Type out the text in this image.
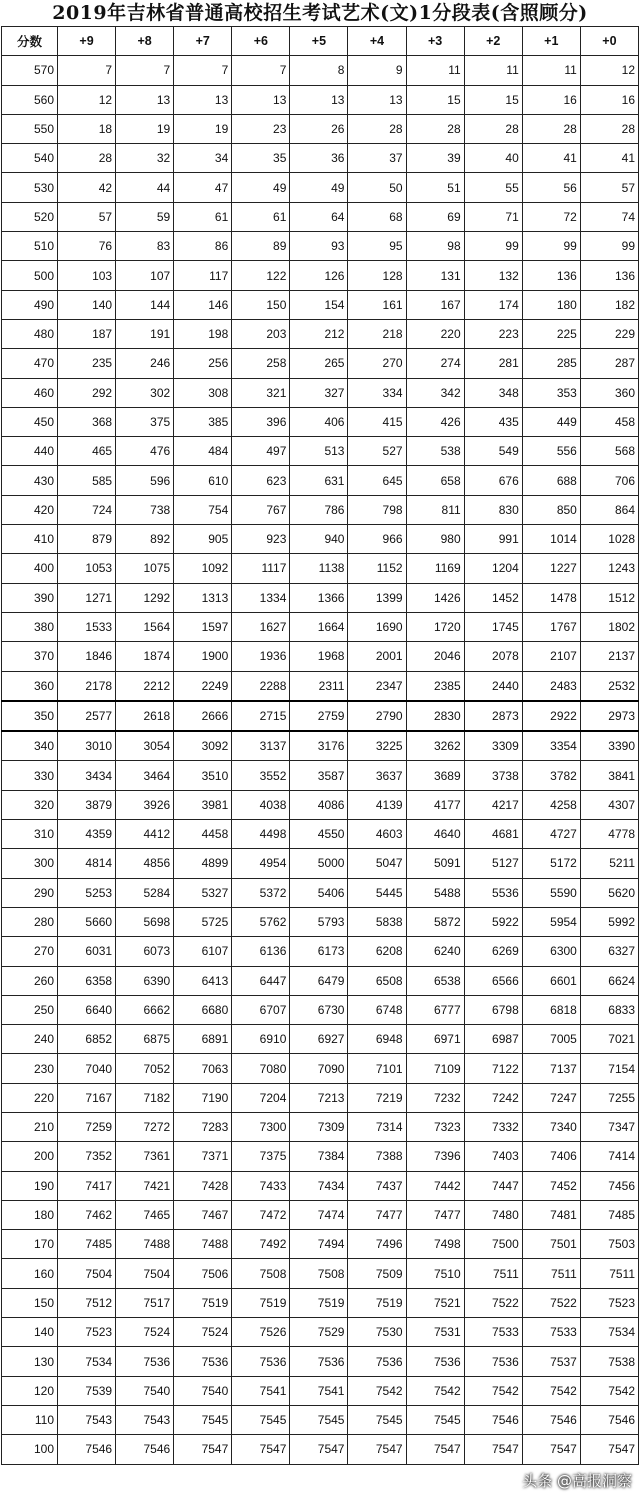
2019年吉林省普通高校招生考试艺术(文)1分段表(含照顾分)
分数	+9	+8	+7	+6	+5	+4	+3	+2	+1	+0
570	7	7	7	7	8	9	11	11	11	12
560	12	13	13	13	13	13	15	15	16	16
550	18	19	19	23	26	28	28	28	28	28
540	28	32	34	35	36	37	39	40	41	41
530	42	44	47	49	49	50	51	55	56	57
520	57	59	61	61	64	68	69	71	72	74
510	76	83	86	89	93	95	98	99	99	99
500	103	107	117	122	126	128	131	132	136	136
490	140	144	146	150	154	161	167	174	180	182
480	187	191	198	203	212	218	220	223	225	229
470	235	246	256	258	265	270	274	281	285	287
460	292	302	308	321	327	334	342	348	353	360
450	368	375	385	396	406	415	426	435	449	458
440	465	476	484	497	513	527	538	549	556	568
430	585	596	610	623	631	645	658	676	688	706
420	724	738	754	767	786	798	811	830	850	864
410	879	892	905	923	940	966	980	991	1014	1028
400	1053	1075	1092	1117	1138	1152	1169	1204	1227	1243
390	1271	1292	1313	1334	1366	1399	1426	1452	1478	1512
380	1533	1564	1597	1627	1664	1690	1720	1745	1767	1802
370	1846	1874	1900	1936	1968	2001	2046	2078	2107	2137
360	2178	2212	2249	2288	2311	2347	2385	2440	2483	2532
350	2577	2618	2666	2715	2759	2790	2830	2873	2922	2973
340	3010	3054	3092	3137	3176	3225	3262	3309	3354	3390
330	3434	3464	3510	3552	3587	3637	3689	3738	3782	3841
320	3879	3926	3981	4038	4086	4139	4177	4217	4258	4307
310	4359	4412	4458	4498	4550	4603	4640	4681	4727	4778
300	4814	4856	4899	4954	5000	5047	5091	5127	5172	5211
290	5253	5284	5327	5372	5406	5445	5488	5536	5590	5620
280	5660	5698	5725	5762	5793	5838	5872	5922	5954	5992
270	6031	6073	6107	6136	6173	6208	6240	6269	6300	6327
260	6358	6390	6413	6447	6479	6508	6538	6566	6601	6624
250	6640	6662	6680	6707	6730	6748	6777	6798	6818	6833
240	6852	6875	6891	6910	6927	6948	6971	6987	7005	7021
230	7040	7052	7063	7080	7090	7101	7109	7122	7137	7154
220	7167	7182	7190	7204	7213	7219	7232	7242	7247	7255
210	7259	7272	7283	7300	7309	7314	7323	7332	7340	7347
200	7352	7361	7371	7375	7384	7388	7396	7403	7406	7414
190	7417	7421	7428	7433	7434	7437	7442	7447	7452	7456
180	7462	7465	7467	7472	7474	7477	7477	7480	7481	7485
170	7485	7488	7488	7492	7494	7496	7498	7500	7501	7503
160	7504	7504	7506	7508	7508	7509	7510	7511	7511	7511
150	7512	7517	7519	7519	7519	7519	7521	7522	7522	7523
140	7523	7524	7524	7526	7529	7530	7531	7533	7533	7534
130	7534	7536	7536	7536	7536	7536	7536	7536	7537	7538
120	7539	7540	7540	7541	7541	7542	7542	7542	7542	7542
110	7543	7543	7545	7545	7545	7545	7545	7546	7546	7546
100	7546	7546	7547	7547	7547	7547	7547	7547	7547	7547
头条 @高报洞察
